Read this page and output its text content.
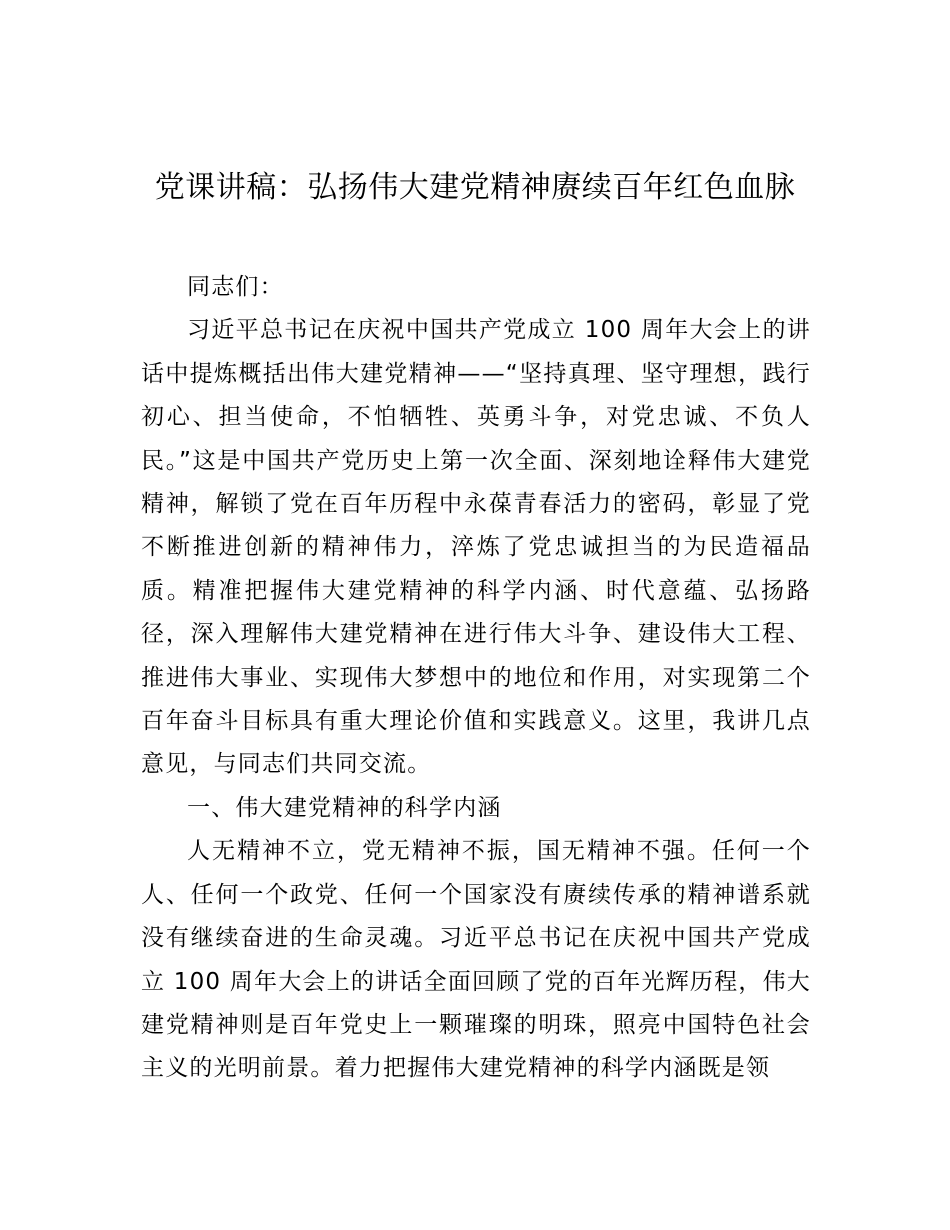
党课讲稿：弘扬伟大建党精神赓续百年红色血脉

同志们：

习近平总书记在庆祝中国共产党成立 100 周年大会上的讲话中提炼概括出伟大建党精神——“坚持真理、坚守理想，践行初心、担当使命，不怕牺牲、英勇斗争，对党忠诚、不负人民。”这是中国共产党历史上第一次全面、深刻地诠释伟大建党精神，解锁了党在百年历程中永葆青春活力的密码，彰显了党不断推进创新的精神伟力，淬炼了党忠诚担当的为民造福品质。精准把握伟大建党精神的科学内涵、时代意蕴、弘扬路径，深入理解伟大建党精神在进行伟大斗争、建设伟大工程、推进伟大事业、实现伟大梦想中的地位和作用，对实现第二个百年奋斗目标具有重大理论价值和实践意义。这里，我讲几点意见，与同志们共同交流。

一、伟大建党精神的科学内涵

人无精神不立，党无精神不振，国无精神不强。任何一个人、任何一个政党、任何一个国家没有赓续传承的精神谱系就没有继续奋进的生命灵魂。习近平总书记在庆祝中国共产党成立 100 周年大会上的讲话全面回顾了党的百年光辉历程，伟大建党精神则是百年党史上一颗璀璨的明珠，照亮中国特色社会主义的光明前景。着力把握伟大建党精神的科学内涵既是领
